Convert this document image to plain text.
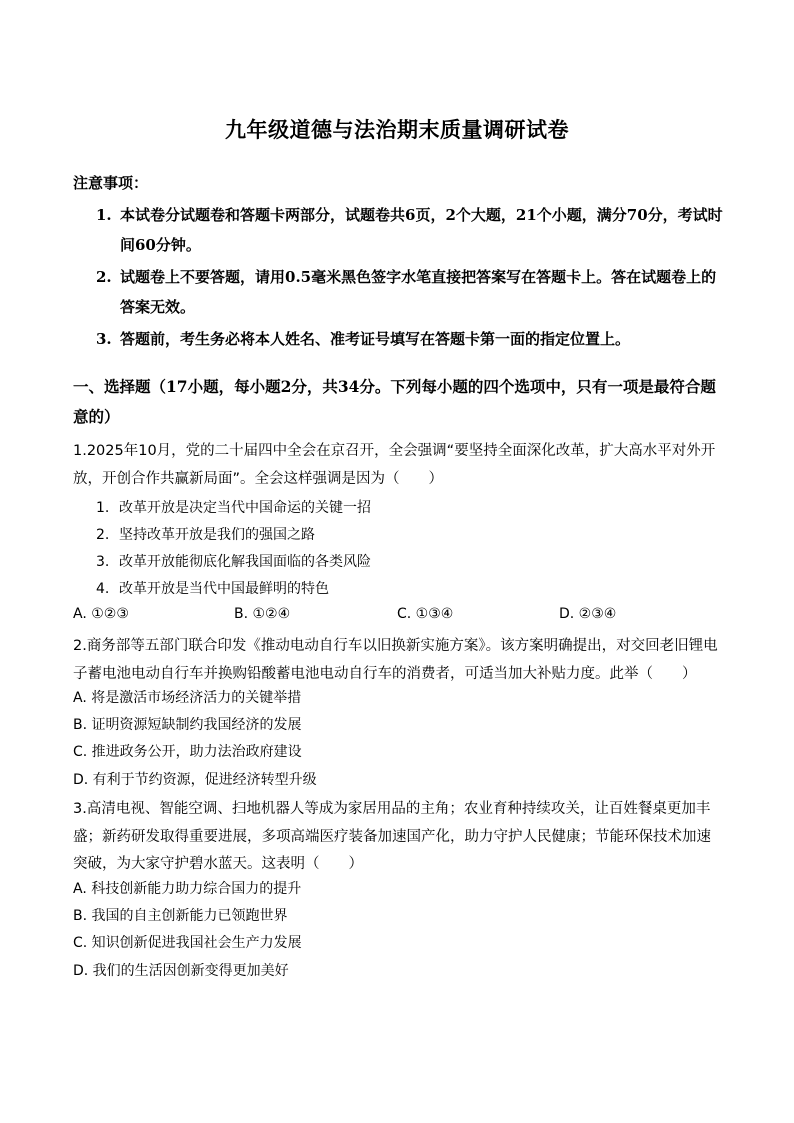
九年级道德与法治期末质量调研试卷
注意事项：
1. 本试卷分试题卷和答题卡两部分，试题卷共6页，2个大题，21个小题，满分70分，考试时间60分钟。
2. 试题卷上不要答题，请用0.5毫米黑色签字水笔直接把答案写在答题卡上。答在试题卷上的答案无效。
3. 答题前，考生务必将本人姓名、准考证号填写在答题卡第一面的指定位置上。
一、选择题（17小题，每小题2分，共34分。下列每小题的四个选项中，只有一项是最符合题意的）
1.2025年10月，党的二十届四中全会在京召开，全会强调“要坚持全面深化改革，扩大高水平对外开放，开创合作共赢新局面”。全会这样强调是因为（　　）
1. 改革开放是决定当代中国命运的关键一招
2. 坚持改革开放是我们的强国之路
3. 改革开放能彻底化解我国面临的各类风险
4. 改革开放是当代中国最鲜明的特色
A. ①②③	B. ①②④	C. ①③④	D. ②③④
2.商务部等五部门联合印发《推动电动自行车以旧换新实施方案》。该方案明确提出，对交回老旧锂电子蓄电池电动自行车并换购铅酸蓄电池电动自行车的消费者，可适当加大补贴力度。此举（　　）
A. 将是激活市场经济活力的关键举措
B. 证明资源短缺制约我国经济的发展
C. 推进政务公开，助力法治政府建设
D. 有利于节约资源，促进经济转型升级
3.高清电视、智能空调、扫地机器人等成为家居用品的主角；农业育种持续攻关，让百姓餐桌更加丰盛；新药研发取得重要进展，多项高端医疗装备加速国产化，助力守护人民健康；节能环保技术加速突破，为大家守护碧水蓝天。这表明（　　）
A. 科技创新能力助力综合国力的提升
B. 我国的自主创新能力已领跑世界
C. 知识创新促进我国社会生产力发展
D. 我们的生活因创新变得更加美好
